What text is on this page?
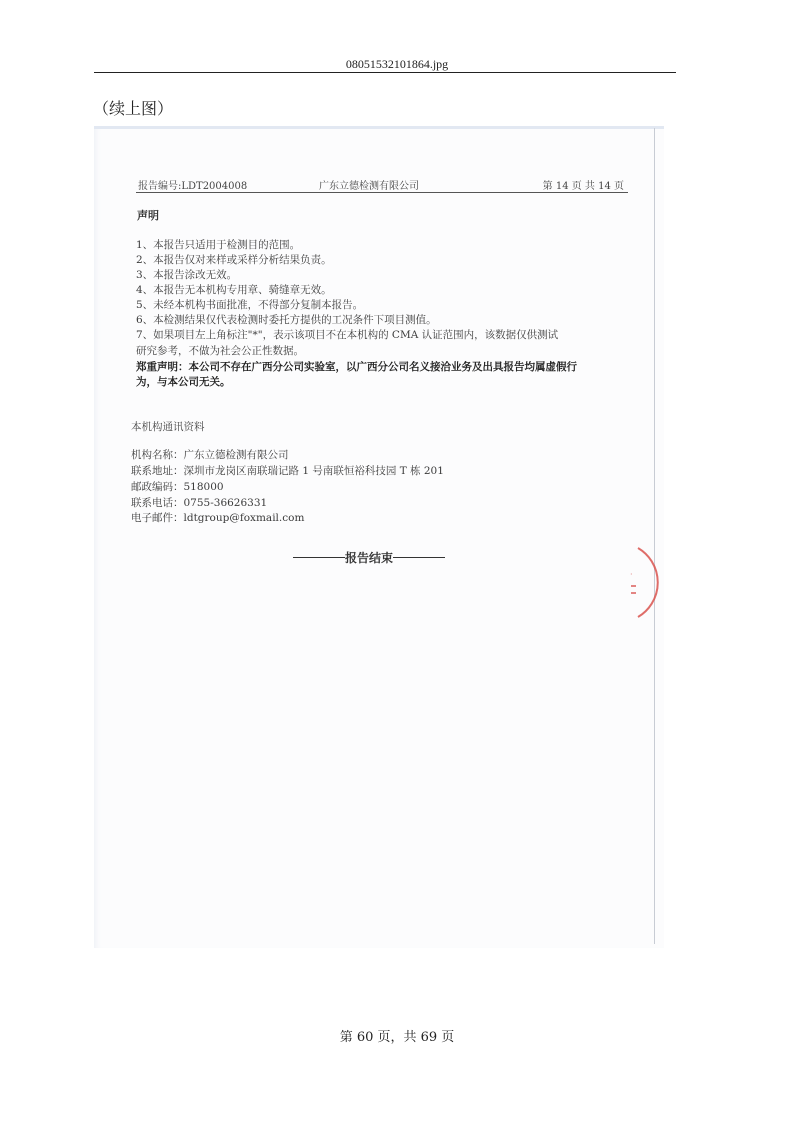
08051532101864.jpg
（续上图）
报告编号:LDT2004008	广东立德检测有限公司	第 14 页 共 14 页
声明
1、本报告只适用于检测目的范围。
2、本报告仅对来样或采样分析结果负责。
3、本报告涂改无效。
4、本报告无本机构专用章、骑缝章无效。
5、未经本机构书面批准，不得部分复制本报告。
6、本检测结果仅代表检测时委托方提供的工况条件下项目测值。
7、如果项目左上角标注"*"，表示该项目不在本机构的 CMA 认证范围内，该数据仅供测试
研究参考，不做为社会公正性数据。
郑重声明：本公司不存在广西分公司实验室，以广西分公司名义接洽业务及出具报告均属虚假行
为，与本公司无关。
本机构通讯资料
机构名称：广东立德检测有限公司
联系地址：深圳市龙岗区南联瑞记路 1 号南联恒裕科技园 T 栋 201
邮政编码：518000
联系电话：0755-36626331
电子邮件：ldtgroup@foxmail.com
报告结束
·
第 60 页，共 69 页
